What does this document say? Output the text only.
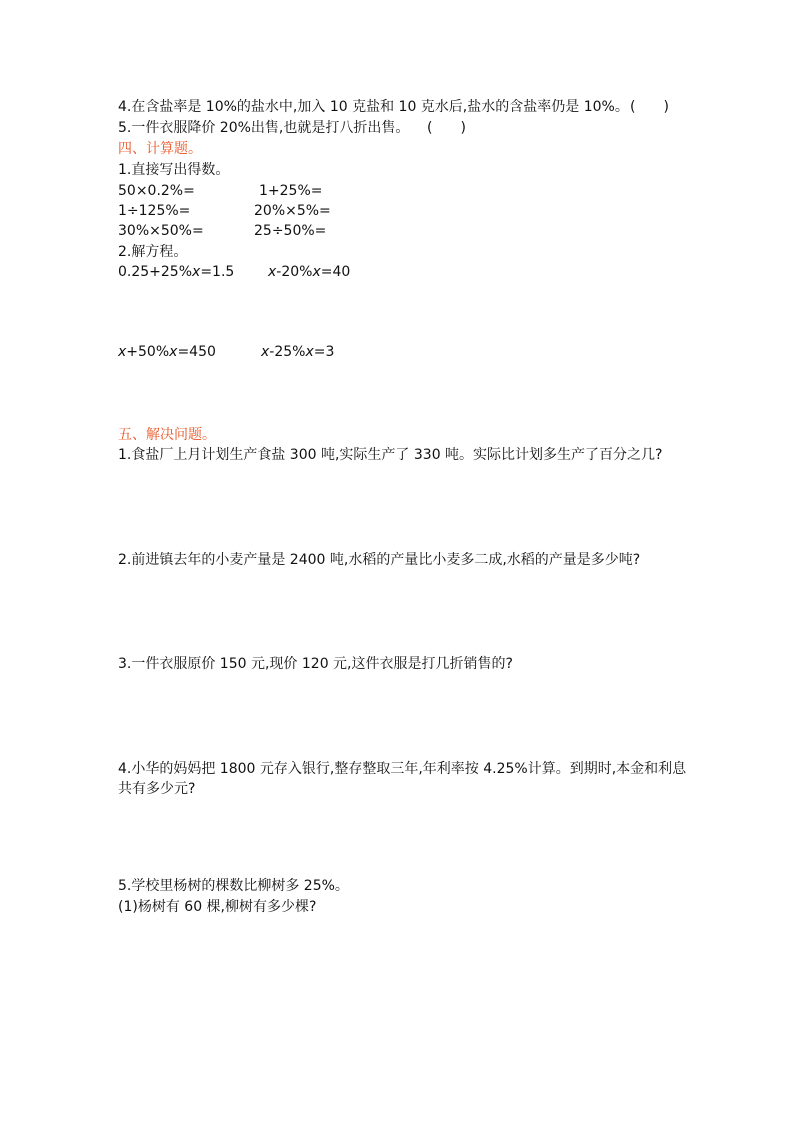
4.在含盐率是 10%的盐水中,加入 10 克盐和 10 克水后,盐水的含盐率仍是 10%。 (　　)
5.一件衣服降价 20%出售,也就是打八折出售。 (　　)
四、计算题。
1.直接写出得数。
50×0.2%=	1+25%=
1÷125%=	20%×5%=
30%×50%=	25÷50%=
2.解方程。
0.25+25%x=1.5 x-20%x=40
x+50%x=450	x-25%x=3
五、解决问题。
1.食盐厂上月计划生产食盐 300 吨,实际生产了 330 吨。实际比计划多生产了百分之几?
2.前进镇去年的小麦产量是 2400 吨,水稻的产量比小麦多二成,水稻的产量是多少吨?
3.一件衣服原价 150 元,现价 120 元,这件衣服是打几折销售的?
4.小华的妈妈把 1800 元存入银行,整存整取三年,年利率按 4.25%计算。到期时,本金和利息
共有多少元?
5.学校里杨树的棵数比柳树多 25%。
(1)杨树有 60 棵,柳树有多少棵?
